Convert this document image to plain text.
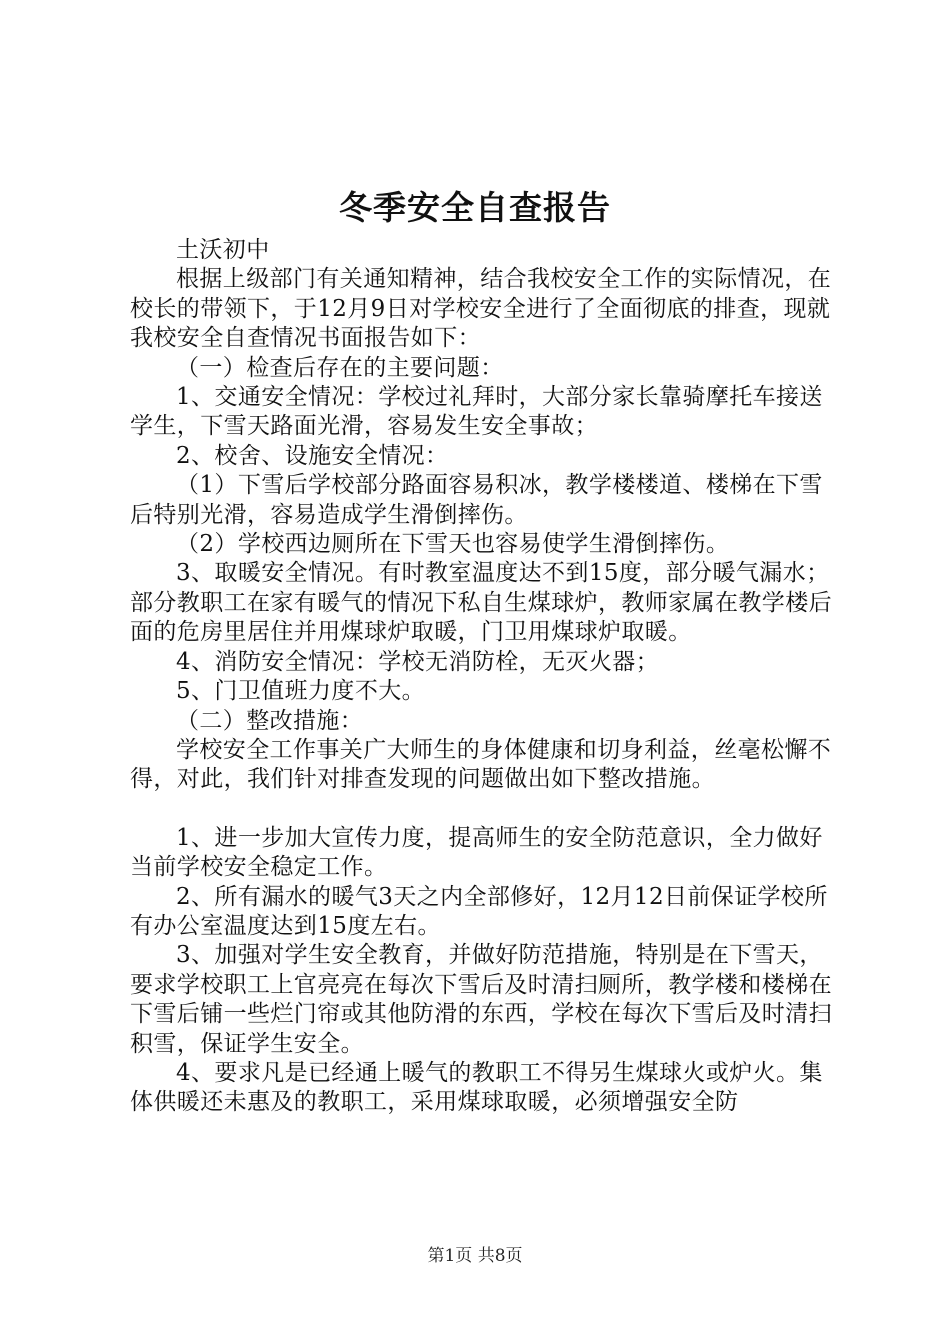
冬季安全自查报告

土沃初中

根据上级部门有关通知精神，结合我校安全工作的实际情况，在校长的带领下，于12月9日对学校安全进行了全面彻底的排查，现就我校安全自查情况书面报告如下：

（一）检查后存在的主要问题：

1、交通安全情况：学校过礼拜时，大部分家长靠骑摩托车接送学生，下雪天路面光滑，容易发生安全事故；

2、校舍、设施安全情况：

（1）下雪后学校部分路面容易积冰，教学楼楼道、楼梯在下雪后特别光滑，容易造成学生滑倒摔伤。

（2）学校西边厕所在下雪天也容易使学生滑倒摔伤。

3、取暖安全情况。有时教室温度达不到15度，部分暖气漏水；部分教职工在家有暖气的情况下私自生煤球炉，教师家属在教学楼后面的危房里居住并用煤球炉取暖，门卫用煤球炉取暖。

4、消防安全情况：学校无消防栓，无灭火器；

5、门卫值班力度不大。

（二）整改措施：

学校安全工作事关广大师生的身体健康和切身利益，丝毫松懈不得，对此，我们针对排查发现的问题做出如下整改措施。

1、进一步加大宣传力度，提高师生的安全防范意识，全力做好当前学校安全稳定工作。

2、所有漏水的暖气3天之内全部修好，12月12日前保证学校所有办公室温度达到15度左右。

3、加强对学生安全教育，并做好防范措施，特别是在下雪天，要求学校职工上官亮亮在每次下雪后及时清扫厕所，教学楼和楼梯在下雪后铺一些烂门帘或其他防滑的东西，学校在每次下雪后及时清扫积雪，保证学生安全。

4、要求凡是已经通上暖气的教职工不得另生煤球火或炉火。集体供暖还未惠及的教职工，采用煤球取暖，必须增强安全防

第1页 共8页
